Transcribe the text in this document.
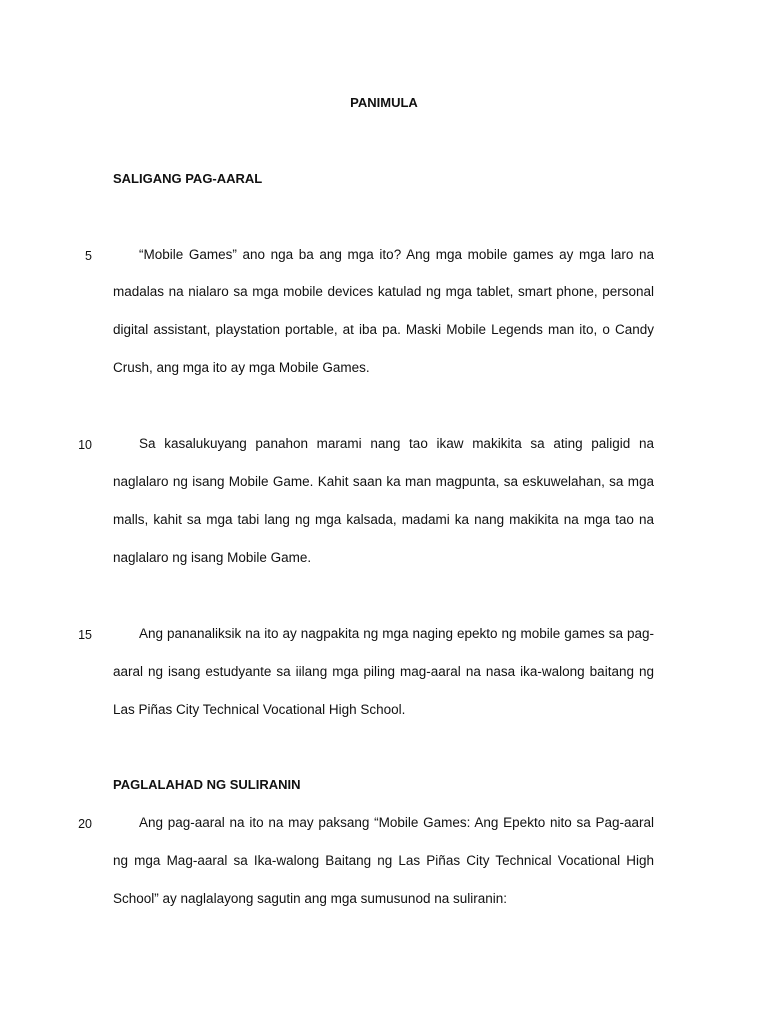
PANIMULA
SALIGANG PAG-AARAL
5	“Mobile Games” ano nga ba ang mga ito? Ang mga mobile games ay mga laro na
madalas na nialaro sa mga mobile devices katulad ng mga tablet, smart phone, personal
digital assistant, playstation portable, at iba pa. Maski Mobile Legends man ito, o Candy
Crush, ang mga ito ay mga Mobile Games.
10	Sa kasalukuyang panahon marami nang tao ikaw makikita sa ating paligid na
naglalaro ng isang Mobile Game. Kahit saan ka man magpunta, sa eskuwelahan, sa mga
malls, kahit sa mga tabi lang ng mga kalsada, madami ka nang makikita na mga tao na
naglalaro ng isang Mobile Game.
15	Ang pananaliksik na ito ay nagpakita ng mga naging epekto ng mobile games sa pag-
aaral ng isang estudyante sa iilang mga piling mag-aaral na nasa ika-walong baitang ng
Las Piñas City Technical Vocational High School.
PAGLALAHAD NG SULIRANIN
20	Ang pag-aaral na ito na may paksang “Mobile Games: Ang Epekto nito sa Pag-aaral
ng mga Mag-aaral sa Ika-walong Baitang ng Las Piñas City Technical Vocational High
School” ay naglalayong sagutin ang mga sumusunod na suliranin:
